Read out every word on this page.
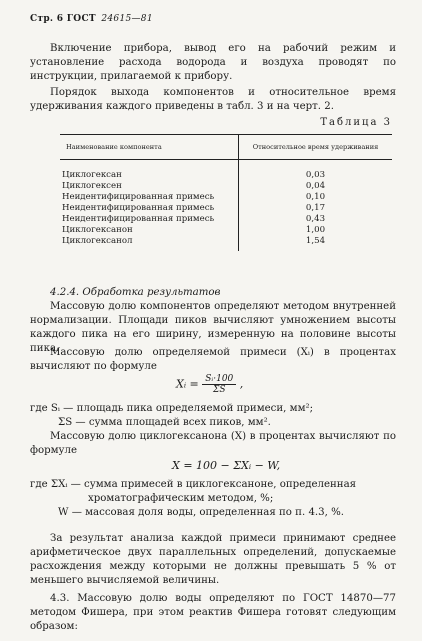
Стр. 6 ГОСТ 24615—81
Включение прибора, вывод его на рабочий режим и установление расхода водорода и воздуха проводят по инструкции, прилагаемой к прибору.
Порядок выхода компонентов и относительное время удерживания каждого приведены в табл. 3 и на черт. 2.
Таблица 3
Наименование компонента	Относительное время удерживания
Циклогексан	0,03
Циклогексен	0,04
Неидентифицированная примесь	0,10
Неидентифицированная примесь	0,17
Неидентифицированная примесь	0,43
Циклогексанон	1,00
Циклогексанол	1,54
4.2.4. Обработка результатов
Массовую долю компонентов определяют методом внутренней нормализации. Площади пиков вычисляют умножением высоты каждого пика на его ширину, измеренную на половине высоты пика.
Массовую долю определяемой примеси (Xᵢ) в процентах вычисляют по формуле
Xᵢ = $\frac{\text{Sᵢ·100}}{\Sigma S}$ ,
где Sᵢ — площадь пика определяемой примеси, мм²;
ΣS — сумма площадей всех пиков, мм².
Массовую долю циклогексанона (X) в процентах вычисляют по формуле
X = 100 − ΣXᵢ − W,
где ΣXᵢ — сумма примесей в циклогексаноне, определенная хроматографическим методом, %;
W — массовая доля воды, определенная по п. 4.3, %.
За результат анализа каждой примеси принимают среднее арифметическое двух параллельных определений, допускаемые расхождения между которыми не должны превышать 5 % от меньшего вычисляемой величины.
4.3. Массовую долю воды определяют по ГОСТ 14870—77 методом Фишера, при этом реактив Фишера готовят следующим образом:
